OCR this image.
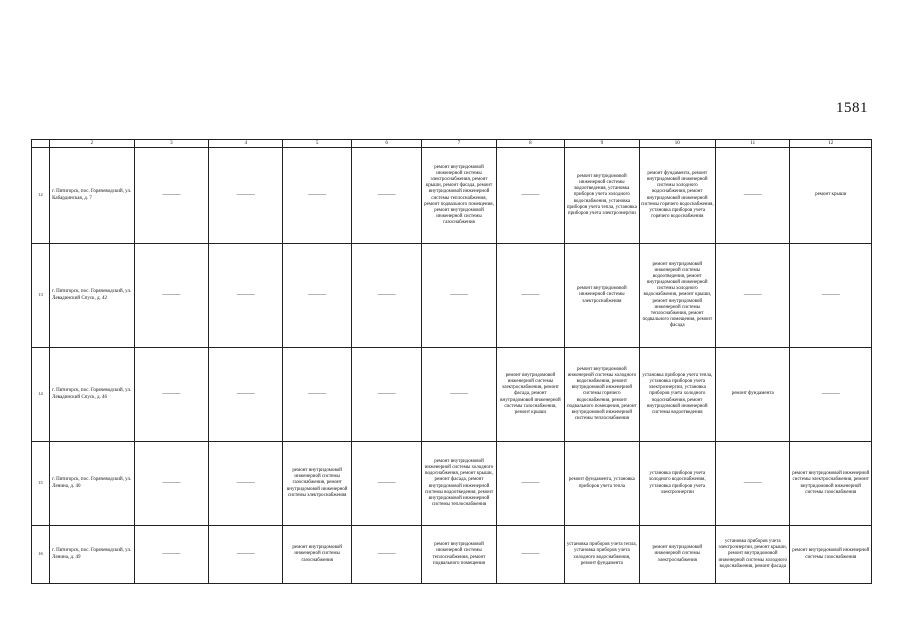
1581
	2	3	4	5	6	7	8	9	10	11	12
12	г. Пятигорск, пос. Горячеводский, ул. Кабардинская, д. 7	———	———	———	———	ремонт внутридомовой инженерной системы электроснабжения, ремонт крыши, ремонт фасада, ремонт внутридомовой инженерной системы теплоснабжения, ремонт подвального помещения, ремонт внутридомовой инженерной системы газоснабжения	———	ремонт внутридомовой инженерной системы водоотведения, установка приборов учета холодного водоснабжения, установка приборов учета тепла, установка приборов учета электроэнергии	ремонт фундамента, ремонт внутридомовой инженерной системы холодного водоснабжения, ремонт внутридомовой инженерной системы горячего водоснабжения, установка приборов учета горячего водоснабжения	———	ремонт крыши
13	г. Пятигорск, пос. Горячеводский, ул. Левадинский Спуск, д. 42	———	———	———	———	———	———	ремонт внутридомовой инженерной системы электроснабжения	ремонт внутридомовой инженерной системы водоотведения, ремонт внутридомовой инженерной системы холодного водоснабжения, ремонт крыши, ремонт внутридомовой инженерной системы теплоснабжения, ремонт подвального помещения, ремонт фасада	———	———
14	г. Пятигорск, пос. Горячеводский, ул. Левадинский Спуск, д. 46	———	———	———	———	———	ремонт внутридомовой инженерной системы электроснабжения, ремонт фасада, ремонт внутридомовой инженерной системы газоснабжения, ремонт крыши	ремонт внутридомовой инженерной системы холодного водоснабжения, ремонт внутридомовой инженерной системы горячего водоснабжения, ремонт подвального помещения, ремонт внутридомовой инженерной системы теплоснабжения	установка приборов учета тепла, установка приборов учета электроэнергии, установка приборов учета холодного водоснабжения, ремонт внутридомовой инженерной системы водоотведения	ремонт фундамента	———
15	г. Пятигорск, пос. Горячеводский, ул. Ленина, д. 40	———	———	ремонт внутридомовой инженерной системы газоснабжения, ремонт внутридомовой инженерной системы электроснабжения	———	ремонт внутридомовой инженерной системы холодного водоснабжения, ремонт крыши, ремонт фасада, ремонт внутридомовой инженерной системы водоотведения, ремонт внутридомовой инженерной системы теплоснабжения	———	ремонт фундамента, установка приборов учета тепла	установка приборов учета холодного водоснабжения, установка приборов учета электроэнергии	———	ремонт внутридомовой инженерной системы электроснабжения, ремонт внутридомовой инженерной системы газоснабжения
16	г. Пятигорск, пос. Горячеводский, ул. Ленина, д. 49	———	———	ремонт внутридомовой инженерной системы газоснабжения	———	ремонт внутридомовой инженерной системы теплоснабжения, ремонт подвального помещения	———	установка приборов учета тепла, установка приборов учета холодного водоснабжения, ремонт фундамента	ремонт внутридомовой инженерной системы электроснабжения	установка приборов учета электроэнергии, ремонт крыши, ремонт внутридомовой инженерной системы холодного водоснабжения, ремонт фасада	ремонт внутридомовой инженерной системы газоснабжения
